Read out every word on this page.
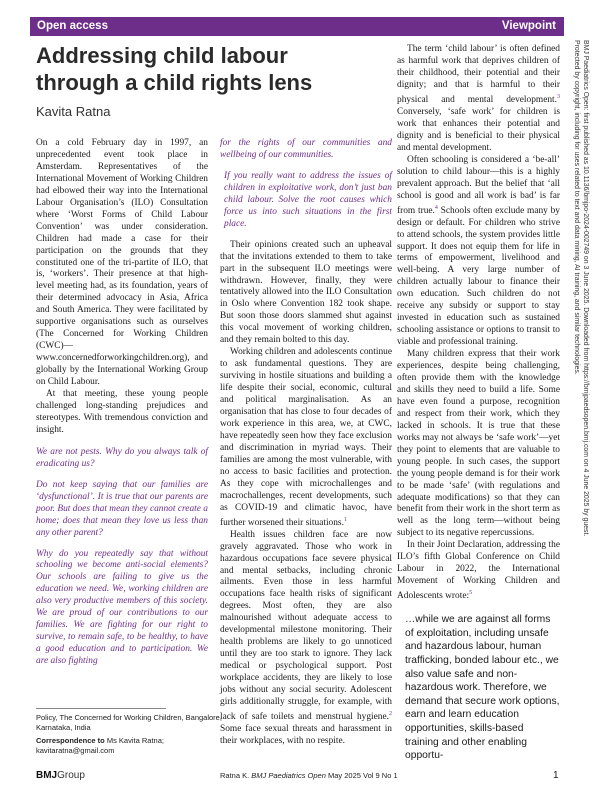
Open access	Viewpoint
Addressing child labour through a child rights lens
Kavita Ratna

On a cold February day in 1997, an unprecedented event took place in Amsterdam. Representatives of the International Movement of Working Children had elbowed their way into the International Labour Organisation’s (ILO) Consultation where ‘Worst Forms of Child Labour Convention’ was under consideration. Children had made a case for their participation on the grounds that they constituted one of the tri-partite of ILO, that is, ‘workers’. Their presence at that high-level meeting had, as its foundation, years of their determined advocacy in Asia, Africa and South America. They were facilitated by supportive organisations such as ourselves (The Concerned for Working Children (CWC)—www.concernedforworkingchildren.org), and globally by the International Working Group on Child Labour.

At that meeting, these young people challenged long-standing prejudices and stereotypes. With tremendous conviction and insight.

We are not pests. Why do you always talk of eradicating us?

Do not keep saying that our families are ‘dysfunctional’. It is true that our parents are poor. But does that mean they cannot create a home; does that mean they love us less than any other parent?

Why do you repeatedly say that without schooling we become anti-social elements? Our schools are failing to give us the education we need. We, working children are also very productive members of this society. We are proud of our contributions to our families. We are fighting for our right to survive, to remain safe, to be healthy, to have a good education and to participation. We are also fighting

for the rights of our communities and wellbeing of our communities.

If you really want to address the issues of children in exploitative work, don’t just ban child labour. Solve the root causes which force us into such situations in the first place.

Their opinions created such an upheaval that the invitations extended to them to take part in the subsequent ILO meetings were withdrawn. However, finally, they were tentatively allowed into the ILO Consultation in Oslo where Convention 182 took shape. But soon those doors slammed shut against this vocal movement of working children, and they remain bolted to this day.

Working children and adolescents continue to ask fundamental questions. They are surviving in hostile situations and building a life despite their social, economic, cultural and political marginalisation. As an organisation that has close to four decades of work experience in this area, we, at CWC, have repeatedly seen how they face exclusion and discrimination in myriad ways. Their families are among the most vulnerable, with no access to basic facilities and protection. As they cope with microchallenges and macrochallenges, recent developments, such as COVID-19 and climatic havoc, have further worsened their situations.$^1$

Health issues children face are now gravely aggravated. Those who work in hazardous occupations face severe physical and mental setbacks, including chronic ailments. Even those in less harmful occupations face health risks of significant degrees. Most often, they are also malnourished without adequate access to developmental milestone monitoring. Their health problems are likely to go unnoticed until they are too stark to ignore. They lack medical or psychological support. Post workplace accidents, they are likely to lose jobs without any social security. Adolescent girls additionally struggle, for example, with lack of safe toilets and menstrual hygiene.$^2$ Some face sexual threats and harassment in their workplaces, with no respite.

The term ‘child labour’ is often defined as harmful work that deprives children of their childhood, their potential and their dignity; and that is harmful to their physical and mental development.$^3$ Conversely, ‘safe work’ for children is work that enhances their potential and dignity and is beneficial to their physical and mental development.

Often schooling is considered a ‘be-all’ solution to child labour—this is a highly prevalent approach. But the belief that ‘all school is good and all work is bad’ is far from true.$^4$ Schools often exclude many by design or default. For children who strive to attend schools, the system provides little support. It does not equip them for life in terms of empowerment, livelihood and well-being. A very large number of children actually labour to finance their own education. Such children do not receive any subsidy or support to stay invested in education such as sustained schooling assistance or options to transit to viable and professional training.

Many children express that their work experiences, despite being challenging, often provide them with the knowledge and skills they need to build a life. Some have even found a purpose, recognition and respect from their work, which they lacked in schools. It is true that these works may not always be ‘safe work’—yet they point to elements that are valuable to young people. In such cases, the support the young people demand is for their work to be made ‘safe’ (with regulations and adequate modifications) so that they can benefit from their work in the short term as well as the long term—without being subject to its negative repercussions.

In their Joint Declaration, addressing the ILO’s fifth Global Conference on Child Labour in 2022, the International Movement of Working Children and Adolescents wrote:$^5$

…while we are against all forms of exploitation, including unsafe and hazardous labour, human trafficking, bonded labour etc., we also value safe and non-hazardous work. Therefore, we demand that secure work options, earn and learn education opportunities, skills-based training and other enabling opportu-

Policy, The Concerned for Working Children, Bangalore, Karnataka, India
Correspondence to Ms Kavita Ratna; kavitaratna@gmail.com
BMJGroup	Ratna K. BMJ Paediatrics Open May 2025 Vol 9 No 1	1
BMJ Paediatrics Open: first published as 10.1136/bmjpo-2024-002749 on 3 June 2025. Downloaded from https://bmjpaedsopen.bmj.com on 4 June 2025 by guest.
Protected by copyright, including for uses related to text and data mining, AI training, and similar technologies.
